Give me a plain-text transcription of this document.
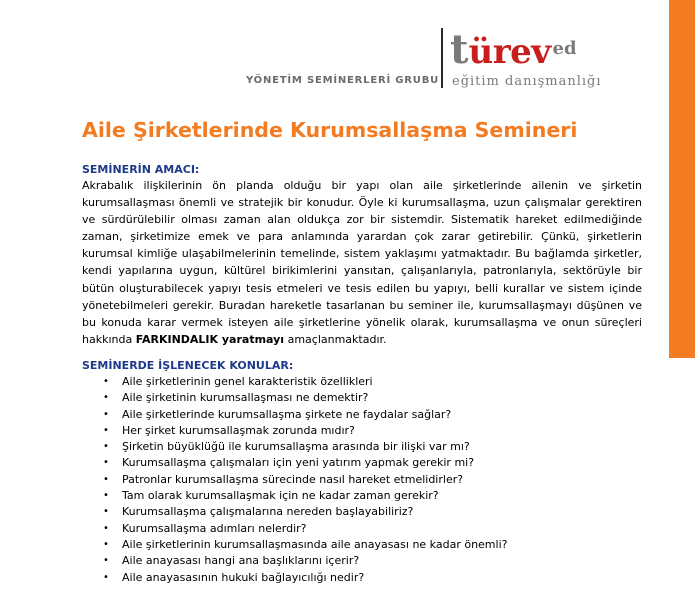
YÖNETİM SEMİNERLERİ GRUBU
türev ed
eğitim danışmanlığı
Aile Şirketlerinde Kurumsallaşma Semineri
SEMİNERİN AMACI:
Akrabalık ilişkilerinin ön planda olduğu bir yapı olan aile şirketlerinde ailenin ve şirketin kurumsallaşması önemli ve stratejik bir konudur. Öyle ki kurumsallaşma, uzun çalışmalar gerektiren ve sürdürülebilir olması zaman alan oldukça zor bir sistemdir. Sistematik hareket edilmediğinde zaman, şirketimize emek ve para anlamında yarardan çok zarar getirebilir. Çünkü, şirketlerin kurumsal kimliğe ulaşabilmelerinin temelinde, sistem yaklaşımı yatmaktadır. Bu bağlamda şirketler, kendi yapılarına uygun, kültürel birikimlerini yansıtan, çalışanlarıyla, patronlarıyla, sektörüyle bir bütün oluşturabilecek yapıyı tesis etmeleri ve tesis edilen bu yapıyı, belli kurallar ve sistem içinde yönetebilmeleri gerekir. Buradan hareketle tasarlanan bu seminer ile, kurumsallaşmayı düşünen ve bu konuda karar vermek isteyen aile şirketlerine yönelik olarak, kurumsallaşma ve onun süreçleri hakkında FARKINDALIK yaratmayı amaçlanmaktadır.
SEMİNERDE İŞLENECEK KONULAR:
• Aile şirketlerinin genel karakteristik özellikleri
• Aile şirketinin kurumsallaşması ne demektir?
• Aile şirketlerinde kurumsallaşma şirkete ne faydalar sağlar?
• Her şirket kurumsallaşmak zorunda mıdır?
• Şirketin büyüklüğü ile kurumsallaşma arasında bir ilişki var mı?
• Kurumsallaşma çalışmaları için yeni yatırım yapmak gerekir mi?
• Patronlar kurumsallaşma sürecinde nasıl hareket etmelidirler?
• Tam olarak kurumsallaşmak için ne kadar zaman gerekir?
• Kurumsallaşma çalışmalarına nereden başlayabiliriz?
• Kurumsallaşma adımları nelerdir?
• Aile şirketlerinin kurumsallaşmasında aile anayasası ne kadar önemli?
• Aile anayasası hangi ana başlıklarını içerir?
• Aile anayasasının hukuki bağlayıcılığı nedir?
